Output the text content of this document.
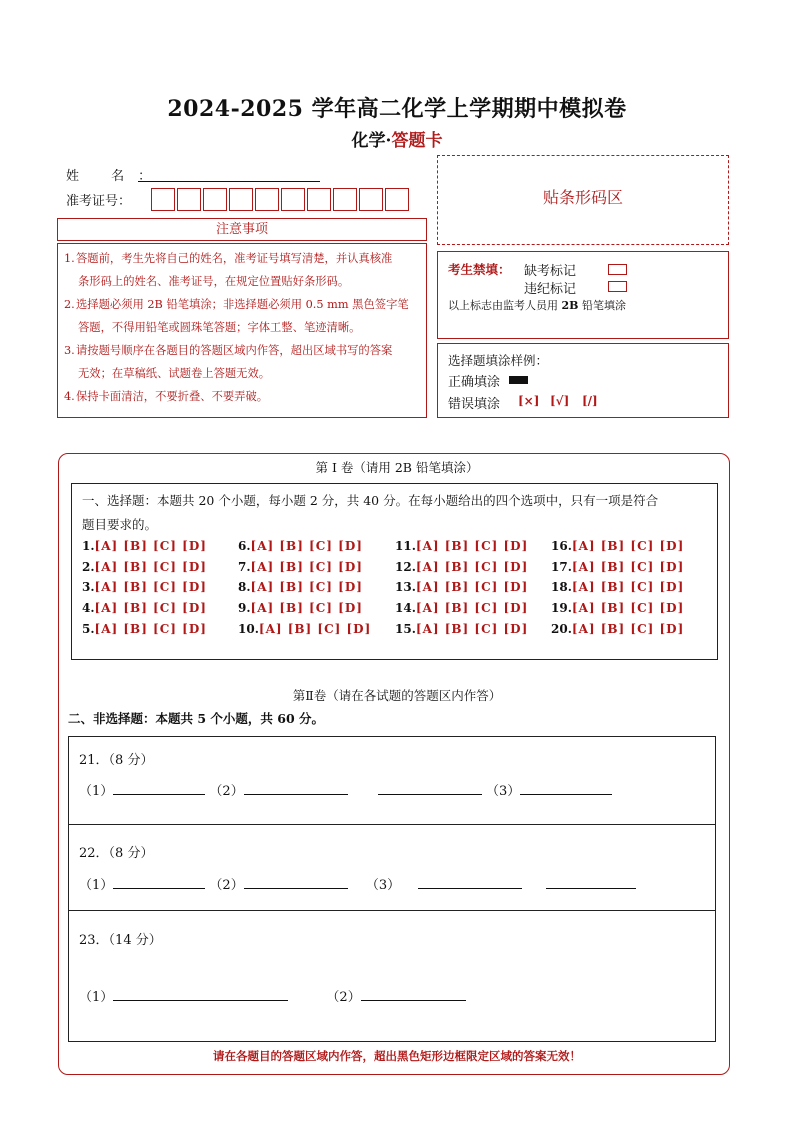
2024-2025 学年高二化学上学期期中模拟卷
化学·答题卡
姓 名：
准考证号：
注意事项
1.答题前，考生先将自己的姓名，准考证号填写清楚，并认真核准
条形码上的姓名、准考证号，在规定位置贴好条形码。
2.选择题必须用 2B 铅笔填涂；非选择题必须用 0.5 mm 黑色签字笔
答题，不得用铅笔或圆珠笔答题；字体工整、笔迹清晰。
3.请按题号顺序在各题目的答题区域内作答，超出区域书写的答案
无效；在草稿纸、试题卷上答题无效。
4.保持卡面清洁，不要折叠、不要弄破。
贴条形码区
考生禁填： 缺考标记
违纪标记
以上标志由监考人员用 2B 铅笔填涂
选择题填涂样例：
正确填涂
错误填涂 [×] [√] [/]
第 I 卷（请用 2B 铅笔填涂）
一、选择题：本题共 20 个小题，每小题 2 分，共 40 分。在每小题给出的四个选项中，只有一项是符合
题目要求的。
1.[A] [B] [C] [D]
2.[A] [B] [C] [D]
3.[A] [B] [C] [D]
4.[A] [B] [C] [D]
5.[A] [B] [C] [D]
6.[A] [B] [C] [D]
7.[A] [B] [C] [D]
8.[A] [B] [C] [D]
9.[A] [B] [C] [D]
10.[A] [B] [C] [D]
11.[A] [B] [C] [D]
12.[A] [B] [C] [D]
13.[A] [B] [C] [D]
14.[A] [B] [C] [D]
15.[A] [B] [C] [D]
16.[A] [B] [C] [D]
17.[A] [B] [C] [D]
18.[A] [B] [C] [D]
19.[A] [B] [C] [D]
20.[A] [B] [C] [D]
第Ⅱ卷（请在各试题的答题区内作答）
二、非选择题：本题共 5 个小题，共 60 分。
21．（8 分）
（1）	（2）	（3）
22．（8 分）
（1）	（2）	（3）
23．（14 分）
（1）	（2）
请在各题目的答题区域内作答，超出黑色矩形边框限定区域的答案无效！
